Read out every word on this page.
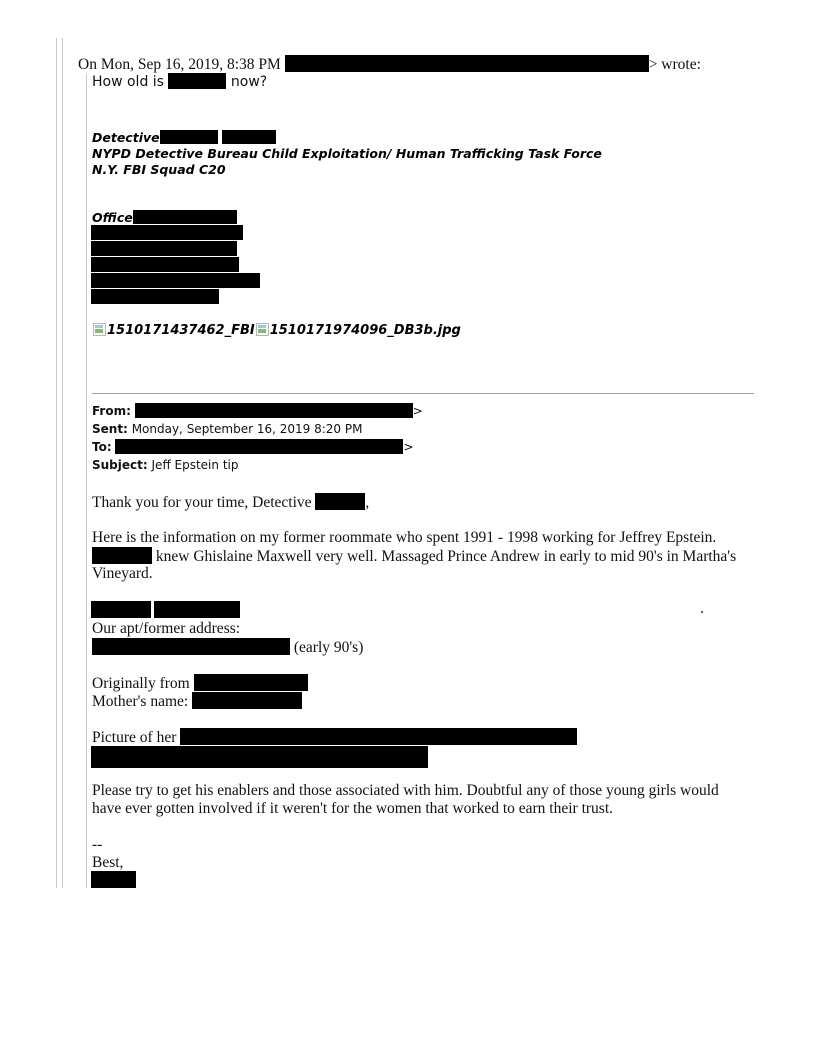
On Mon, Sep 16, 2019, 8:38 PM	> wrote:
How old is	now?
Detective
NYPD Detective Bureau Child Exploitation/ Human Trafficking Task Force
N.Y. FBI Squad C20
Office
1510171437462_FBI 1510171974096_DB3b.jpg
From:	>
Sent: Monday, September 16, 2019 8:20 PM
To:	>
Subject: Jeff Epstein tip
Thank you for your time, Detective	,
Here is the information on my former roommate who spent 1991 - 1998 working for Jeffrey Epstein.
knew Ghislaine Maxwell very well. Massaged Prince Andrew in early to mid 90's in Martha's
Vineyard.
.
Our apt/former address:
(early 90's)
Originally from
Mother's name:
Picture of her
Please try to get his enablers and those associated with him. Doubtful any of those young girls would
have ever gotten involved if it weren't for the women that worked to earn their trust.
--
Best,
